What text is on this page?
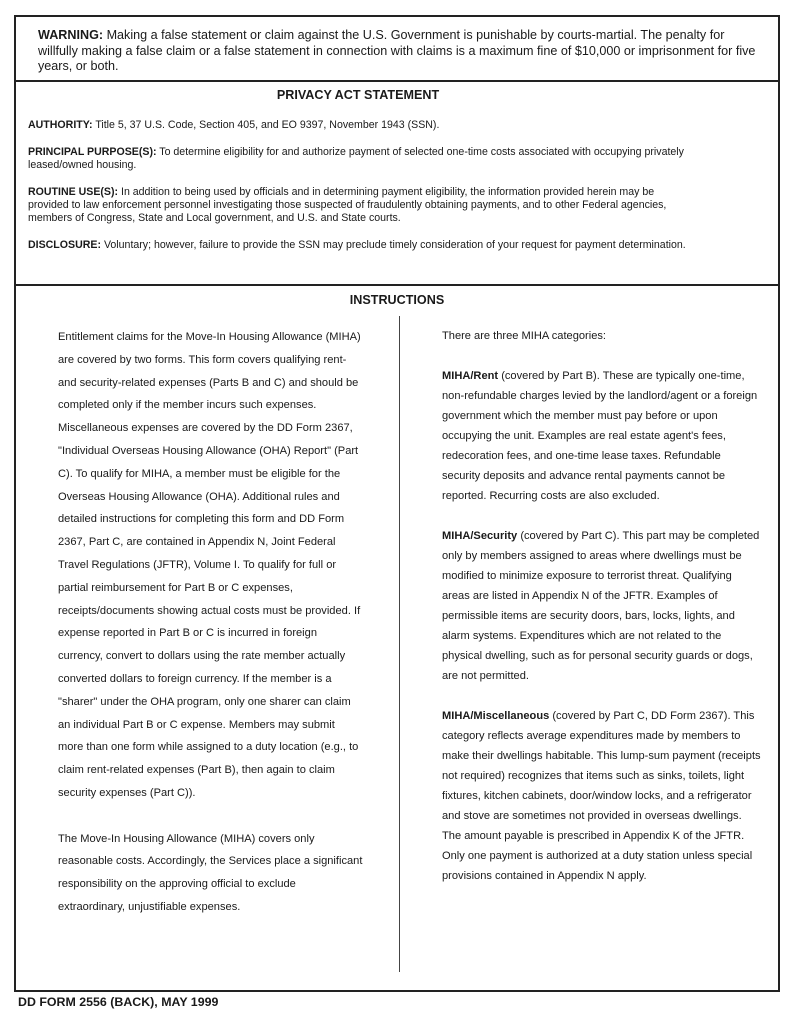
WARNING: Making a false statement or claim against the U.S. Government is punishable by courts-martial. The penalty for willfully making a false claim or a false statement in connection with claims is a maximum fine of $10,000 or imprisonment for five years, or both.

PRIVACY ACT STATEMENT

AUTHORITY: Title 5, 37 U.S. Code, Section 405, and EO 9397, November 1943 (SSN).

PRINCIPAL PURPOSE(S): To determine eligibility for and authorize payment of selected one-time costs associated with occupying privately leased/owned housing.

ROUTINE USE(S): In addition to being used by officials and in determining payment eligibility, the information provided herein may be provided to law enforcement personnel investigating those suspected of fraudulently obtaining payments, and to other Federal agencies, members of Congress, State and Local government, and U.S. and State courts.

DISCLOSURE: Voluntary; however, failure to provide the SSN may preclude timely consideration of your request for payment determination.

INSTRUCTIONS

Entitlement claims for the Move-In Housing Allowance (MIHA) are covered by two forms. This form covers qualifying rent- and security-related expenses (Parts B and C) and should be completed only if the member incurs such expenses. Miscellaneous expenses are covered by the DD Form 2367, "Individual Overseas Housing Allowance (OHA) Report" (Part C). To qualify for MIHA, a member must be eligible for the Overseas Housing Allowance (OHA). Additional rules and detailed instructions for completing this form and DD Form 2367, Part C, are contained in Appendix N, Joint Federal Travel Regulations (JFTR), Volume I. To qualify for full or partial reimbursement for Part B or C expenses, receipts/documents showing actual costs must be provided. If expense reported in Part B or C is incurred in foreign currency, convert to dollars using the rate member actually converted dollars to foreign currency. If the member is a "sharer" under the OHA program, only one sharer can claim an individual Part B or C expense. Members may submit more than one form while assigned to a duty location (e.g., to claim rent-related expenses (Part B), then again to claim security expenses (Part C)).

The Move-In Housing Allowance (MIHA) covers only reasonable costs. Accordingly, the Services place a significant responsibility on the approving official to exclude extraordinary, unjustifiable expenses.

There are three MIHA categories:

MIHA/Rent (covered by Part B). These are typically one-time, non-refundable charges levied by the landlord/agent or a foreign government which the member must pay before or upon occupying the unit. Examples are real estate agent's fees, redecoration fees, and one-time lease taxes. Refundable security deposits and advance rental payments cannot be reported. Recurring costs are also excluded.

MIHA/Security (covered by Part C). This part may be completed only by members assigned to areas where dwellings must be modified to minimize exposure to terrorist threat. Qualifying areas are listed in Appendix N of the JFTR. Examples of permissible items are security doors, bars, locks, lights, and alarm systems. Expenditures which are not related to the physical dwelling, such as for personal security guards or dogs, are not permitted.

MIHA/Miscellaneous (covered by Part C, DD Form 2367). This category reflects average expenditures made by members to make their dwellings habitable. This lump-sum payment (receipts not required) recognizes that items such as sinks, toilets, light fixtures, kitchen cabinets, door/window locks, and a refrigerator and stove are sometimes not provided in overseas dwellings. The amount payable is prescribed in Appendix K of the JFTR. Only one payment is authorized at a duty station unless special provisions contained in Appendix N apply.

DD FORM 2556 (BACK), MAY 1999
